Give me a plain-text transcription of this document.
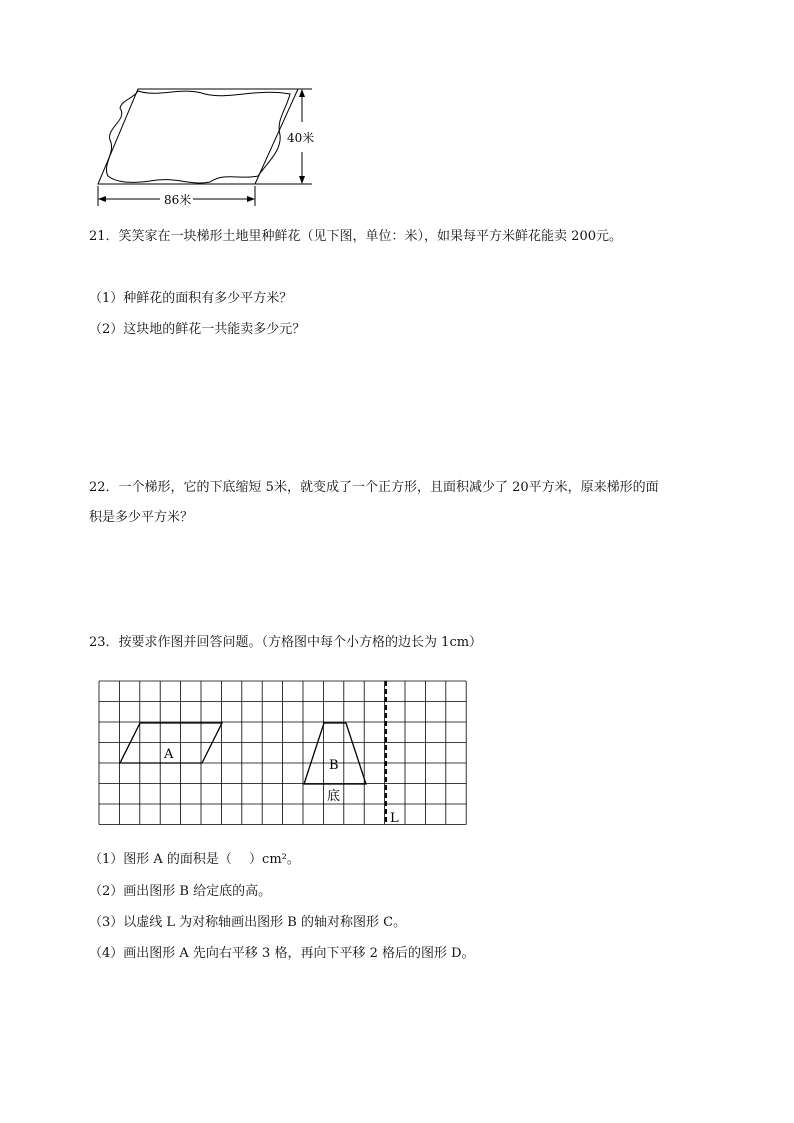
40米
86米
21．笑笑家在一块梯形土地里种鲜花（见下图，单位：米），如果每平方米鲜花能卖 200元。
（1）种鲜花的面积有多少平方米？
（2）这块地的鲜花一共能卖多少元？
22．一个梯形，它的下底缩短 5米，就变成了一个正方形，且面积减少了 20平方米，原来梯形的面
积是多少平方米？
23．按要求作图并回答问题。（方格图中每个小方格的边长为 1cm）
A
B
底
L
（1）图形 A 的面积是（　 ）cm²。
（2）画出图形 B 给定底的高。
（3）以虚线 L 为对称轴画出图形 B 的轴对称图形 C。
（4）画出图形 A 先向右平移 3 格，再向下平移 2 格后的图形 D。
